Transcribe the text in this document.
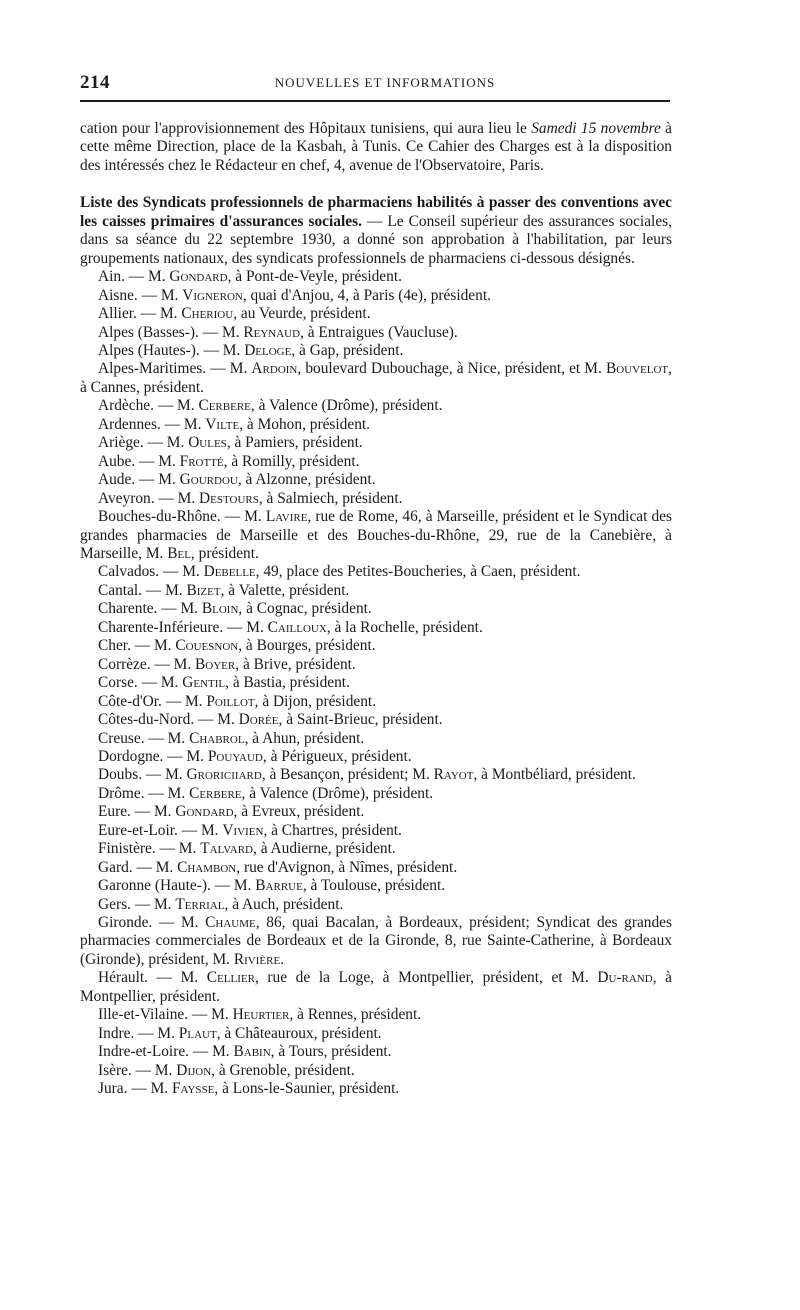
214	NOUVELLES ET INFORMATIONS

cation pour l'approvisionnement des Hôpitaux tunisiens, qui aura lieu le Samedi 15 novembre à cette même Direction, place de la Kasbah, à Tunis. Ce Cahier des Charges est à la disposition des intéressés chez le Rédacteur en chef, 4, avenue de l'Observatoire, Paris.

Liste des Syndicats professionnels de pharmaciens habilités à passer des conventions avec les caisses primaires d'assurances sociales. — Le Conseil supérieur des assurances sociales, dans sa séance du 22 septembre 1930, a donné son approbation à l'habilitation, par leurs groupements nationaux, des syndicats professionnels de pharmaciens ci-dessous désignés.

Ain. — M. Gondard, à Pont-de-Veyle, président.

Aisne. — M. Vigneron, quai d'Anjou, 4, à Paris (4e), président.

Allier. — M. Cheriou, au Veurde, président.

Alpes (Basses-). — M. Reynaud, à Entraigues (Vaucluse).

Alpes (Hautes-). — M. Deloge, à Gap, président.

Alpes-Maritimes. — M. Ardoin, boulevard Dubouchage, à Nice, président, et M. Bouvelot, à Cannes, président.

Ardèche. — M. Cerbere, à Valence (Drôme), président.

Ardennes. — M. Vilte, à Mohon, président.

Ariège. — M. Oules, à Pamiers, président.

Aube. — M. Frotté, à Romilly, président.

Aude. — M. Gourdou, à Alzonne, président.

Aveyron. — M. Destours, à Salmiech, président.

Bouches-du-Rhône. — M. Lavire, rue de Rome, 46, à Marseille, président et le Syndicat des grandes pharmacies de Marseille et des Bouches-du-Rhône, 29, rue de la Canebière, à Marseille, M. Bel, président.

Calvados. — M. Debelle, 49, place des Petites-Boucheries, à Caen, président.

Cantal. — M. Bizet, à Valette, président.

Charente. — M. Bloin, à Cognac, président.

Charente-Inférieure. — M. Cailloux, à la Rochelle, président.

Cher. — M. Couesnon, à Bourges, président.

Corrèze. — M. Boyer, à Brive, président.

Corse. — M. Gentil, à Bastia, président.

Côte-d'Or. — M. Poillot, à Dijon, président.

Côtes-du-Nord. — M. Dorée, à Saint-Brieuc, président.

Creuse. — M. Chabrol, à Ahun, président.

Dordogne. — M. Pouyaud, à Périgueux, président.

Doubs. — M. Groriciiard, à Besançon, président; M. Rayot, à Montbéliard, président.

Drôme. — M. Cerbere, à Valence (Drôme), président.

Eure. — M. Gondard, à Evreux, président.

Eure-et-Loir. — M. Vivien, à Chartres, président.

Finistère. — M. Talvard, à Audierne, président.

Gard. — M. Chambon, rue d'Avignon, à Nîmes, président.

Garonne (Haute-). — M. Barrue, à Toulouse, président.

Gers. — M. Terrial, à Auch, président.

Gironde. — M. Chaume, 86, quai Bacalan, à Bordeaux, président; Syndicat des grandes pharmacies commerciales de Bordeaux et de la Gironde, 8, rue Sainte-Catherine, à Bordeaux (Gironde), président, M. Rivière.

Hérault. — M. Cellier, rue de la Loge, à Montpellier, président, et M. Du-rand, à Montpellier, président.

Ille-et-Vilaine. — M. Heurtier, à Rennes, président.

Indre. — M. Plaut, à Châteauroux, président.

Indre-et-Loire. — M. Babin, à Tours, président.

Isère. — M. Dijon, à Grenoble, président.

Jura. — M. Faysse, à Lons-le-Saunier, président.
